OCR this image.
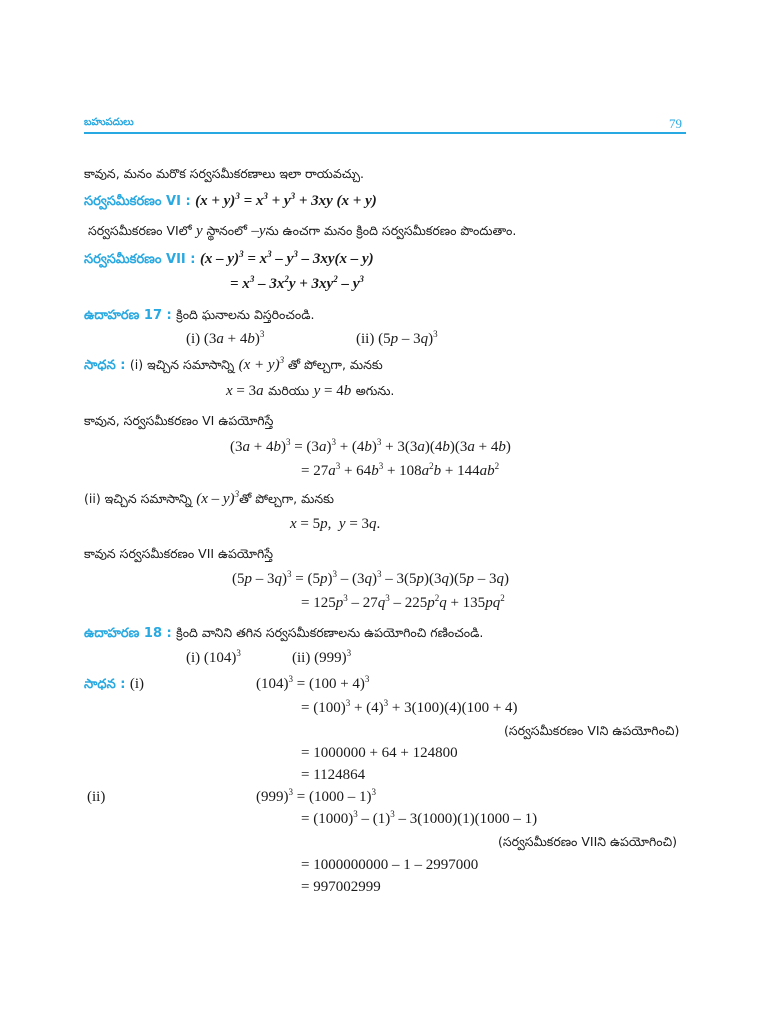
బహుపదులు	79
కావున, మనం మరొక సర్వసమీకరణాలు ఇలా రాయవచ్చు.
సర్వసమీకరణం VI : $(x + y)^3 = x^3 + y^3 + 3xy$ (x + y)
సర్వసమీకరణం VIలో y స్థానంలో –yను ఉంచగా మనం క్రింది సర్వసమీకరణం పొందుతాం.
సర్వసమీకరణం VII : $(x - y)^3 = x^3 - y^3 - 3xy(x - y)$
= $x^3 - 3x^2y + 3xy^2 - y^3$
ఉదాహరణ 17 : క్రింది ఘనాలను విస్తరించండి.
(i) $(3a + 4b)^3$	(ii) (5p – 3q)$^3$
సాధన : (i) ఇచ్చిన సమాసాన్ని $(x + y)^3$ తో పోల్చగా, మనకు
x = 3a మరియు y = 4b అగును.
కావున, సర్వసమీకరణం VI ఉపయోగిస్తే
$(3a + 4b)^3 = (3a)^3 + (4b)^3 + 3(3a)(4b)(3a + 4b)$
= $27a^3 + 64b^3 + 108a^2b + 144ab^2$
(ii) ఇచ్చిన సమాసాన్ని (x – y)$^3$తో పోల్చగా, మనకు
x = 5p,  y = 3q.
కావున సర్వసమీకరణం VII ఉపయోగిస్తే
$(5p - 3q)^3 = (5p)^3 - (3q)^3 - 3(5p)(3q)(5p - 3q)$
= $125p^3 - 27q^3 - 225p^2q + 135pq^2$
ఉదాహరణ 18 : క్రింది వానిని తగిన సర్వసమీకరణాలను ఉపయోగించి గణించండి.
(i) $(104)^3$	(ii) $(999)^3$
సాధన : (i)	$(104)^3 = (100 + 4)^3$
= $(100)^3 + (4)^3 + 3(100)(4)(100 + 4)$
(సర్వసమీకరణం VIని ఉపయోగించి)
= 1000000 + 64 + 124800
= 1124864
(ii)	$(999)^3 = (1000 - 1)^3$
= $(1000)^3 - (1)^3 - 3(1000)(1)(1000 - 1)$
(సర్వసమీకరణం VIIని ఉపయోగించి)
= 1000000000 – 1 – 2997000
= 997002999
